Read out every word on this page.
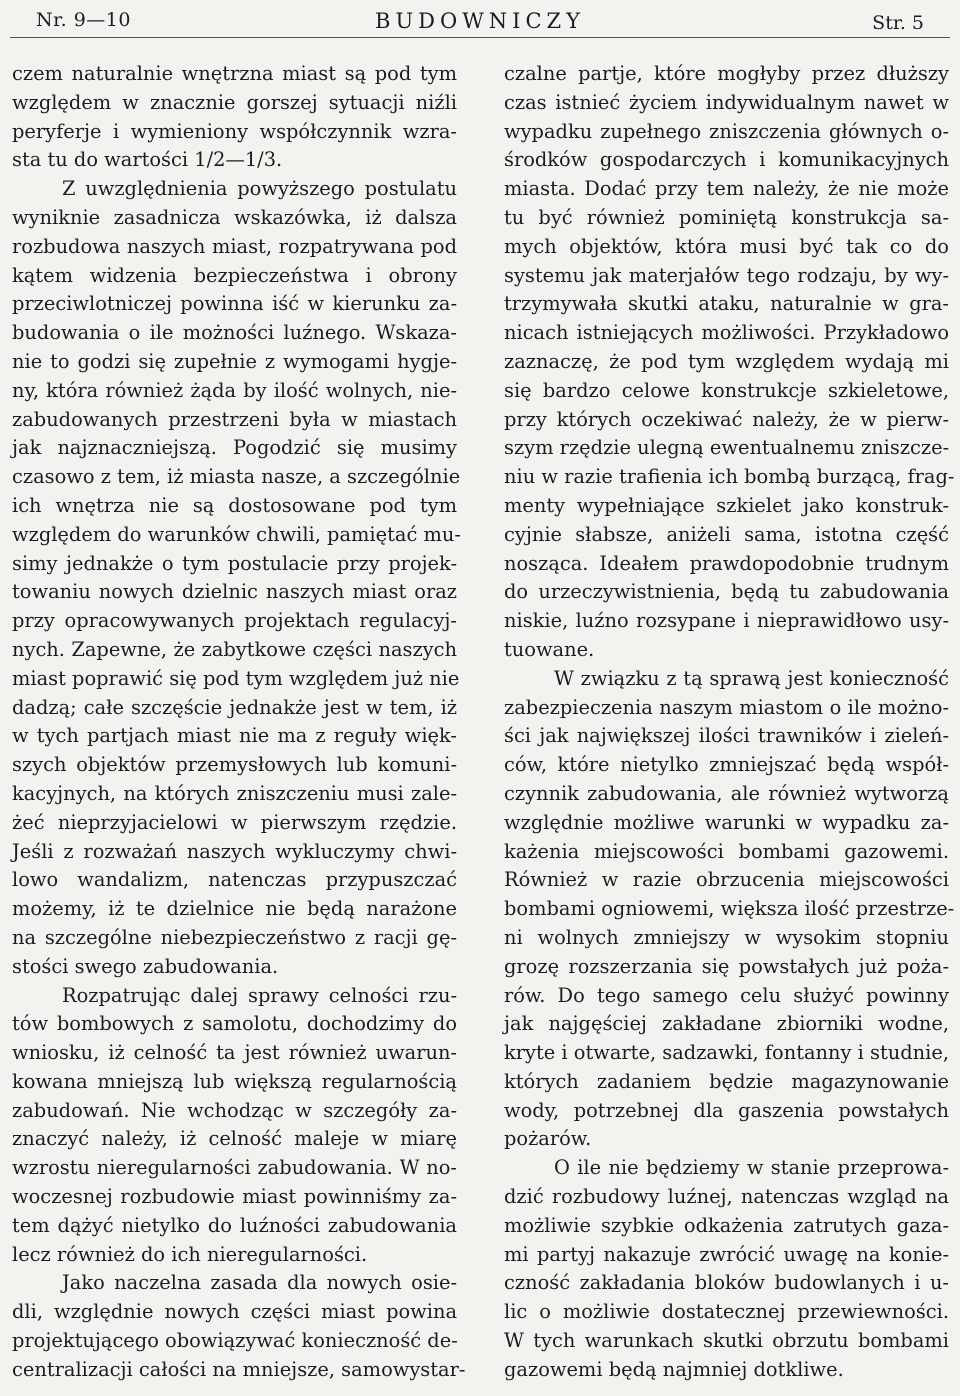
Nr. 9—10	BUDOWNICZY	Str. 5
czem naturalnie wnętrzna miast są pod tym
względem w znacznie gorszej sytuacji niźli
peryferje i wymieniony współczynnik wzra-
sta tu do wartości 1/2—1/3.
Z uwzględnienia powyższego postulatu
wyniknie zasadnicza wskazówka, iż dalsza
rozbudowa naszych miast, rozpatrywana pod
kątem widzenia bezpieczeństwa i obrony
przeciwlotniczej powinna iść w kierunku za-
budowania o ile możności luźnego. Wskaza-
nie to godzi się zupełnie z wymogami hygje-
ny, która również żąda by ilość wolnych, nie-
zabudowanych przestrzeni była w miastach
jak najznaczniejszą. Pogodzić się musimy
czasowo z tem, iż miasta nasze, a szczególnie
ich wnętrza nie są dostosowane pod tym
względem do warunków chwili, pamiętać mu-
simy jednakże o tym postulacie przy projek-
towaniu nowych dzielnic naszych miast oraz
przy opracowywanych projektach regulacyj-
nych. Zapewne, że zabytkowe części naszych
miast poprawić się pod tym względem już nie
dadzą; całe szczęście jednakże jest w tem, iż
w tych partjach miast nie ma z reguły więk-
szych objektów przemysłowych lub komuni-
kacyjnych, na których zniszczeniu musi zale-
żeć nieprzyjacielowi w pierwszym rzędzie.
Jeśli z rozważań naszych wykluczymy chwi-
lowo wandalizm, natenczas przypuszczać
możemy, iż te dzielnice nie będą narażone
na szczególne niebezpieczeństwo z racji gę-
stości swego zabudowania.
Rozpatrując dalej sprawy celności rzu-
tów bombowych z samolotu, dochodzimy do
wniosku, iż celność ta jest również uwarun-
kowana mniejszą lub większą regularnością
zabudowań. Nie wchodząc w szczegóły za-
znaczyć należy, iż celność maleje w miarę
wzrostu nieregularności zabudowania. W no-
woczesnej rozbudowie miast powinniśmy za-
tem dążyć nietylko do luźności zabudowania
lecz również do ich nieregularności.
Jako naczelna zasada dla nowych osie-
dli, względnie nowych części miast powina
projektującego obowiązywać konieczność de-
centralizacji całości na mniejsze, samowystar-
czalne partje, które mogłyby przez dłuższy
czas istnieć życiem indywidualnym nawet w
wypadku zupełnego zniszczenia głównych o-
środków gospodarczych i komunikacyjnych
miasta. Dodać przy tem należy, że nie może
tu być również pominiętą konstrukcja sa-
mych objektów, która musi być tak co do
systemu jak materjałów tego rodzaju, by wy-
trzymywała skutki ataku, naturalnie w gra-
nicach istniejących możliwości. Przykładowo
zaznaczę, że pod tym względem wydają mi
się bardzo celowe konstrukcje szkieletowe,
przy których oczekiwać należy, że w pierw-
szym rzędzie ulegną ewentualnemu zniszcze-
niu w razie trafienia ich bombą burzącą, frag-
menty wypełniające szkielet jako konstruk-
cyjnie słabsze, aniżeli sama, istotna część
nosząca. Ideałem prawdopodobnie trudnym
do urzeczywistnienia, będą tu zabudowania
niskie, luźno rozsypane i nieprawidłowo usy-
tuowane.
W związku z tą sprawą jest konieczność
zabezpieczenia naszym miastom o ile możno-
ści jak największej ilości trawników i zieleń-
ców, które nietylko zmniejszać będą współ-
czynnik zabudowania, ale również wytworzą
względnie możliwe warunki w wypadku za-
każenia miejscowości bombami gazowemi.
Również w razie obrzucenia miejscowości
bombami ogniowemi, większa ilość przestrze-
ni wolnych zmniejszy w wysokim stopniu
grozę rozszerzania się powstałych już poża-
rów. Do tego samego celu służyć powinny
jak najgęściej zakładane zbiorniki wodne,
kryte i otwarte, sadzawki, fontanny i studnie,
których zadaniem będzie magazynowanie
wody, potrzebnej dla gaszenia powstałych
pożarów.
O ile nie będziemy w stanie przeprowa-
dzić rozbudowy luźnej, natenczas wzgląd na
możliwie szybkie odkażenia zatrutych gaza-
mi partyj nakazuje zwrócić uwagę na konie-
czność zakładania bloków budowlanych i u-
lic o możliwie dostatecznej przewiewności.
W tych warunkach skutki obrzutu bombami
gazowemi będą najmniej dotkliwe.
